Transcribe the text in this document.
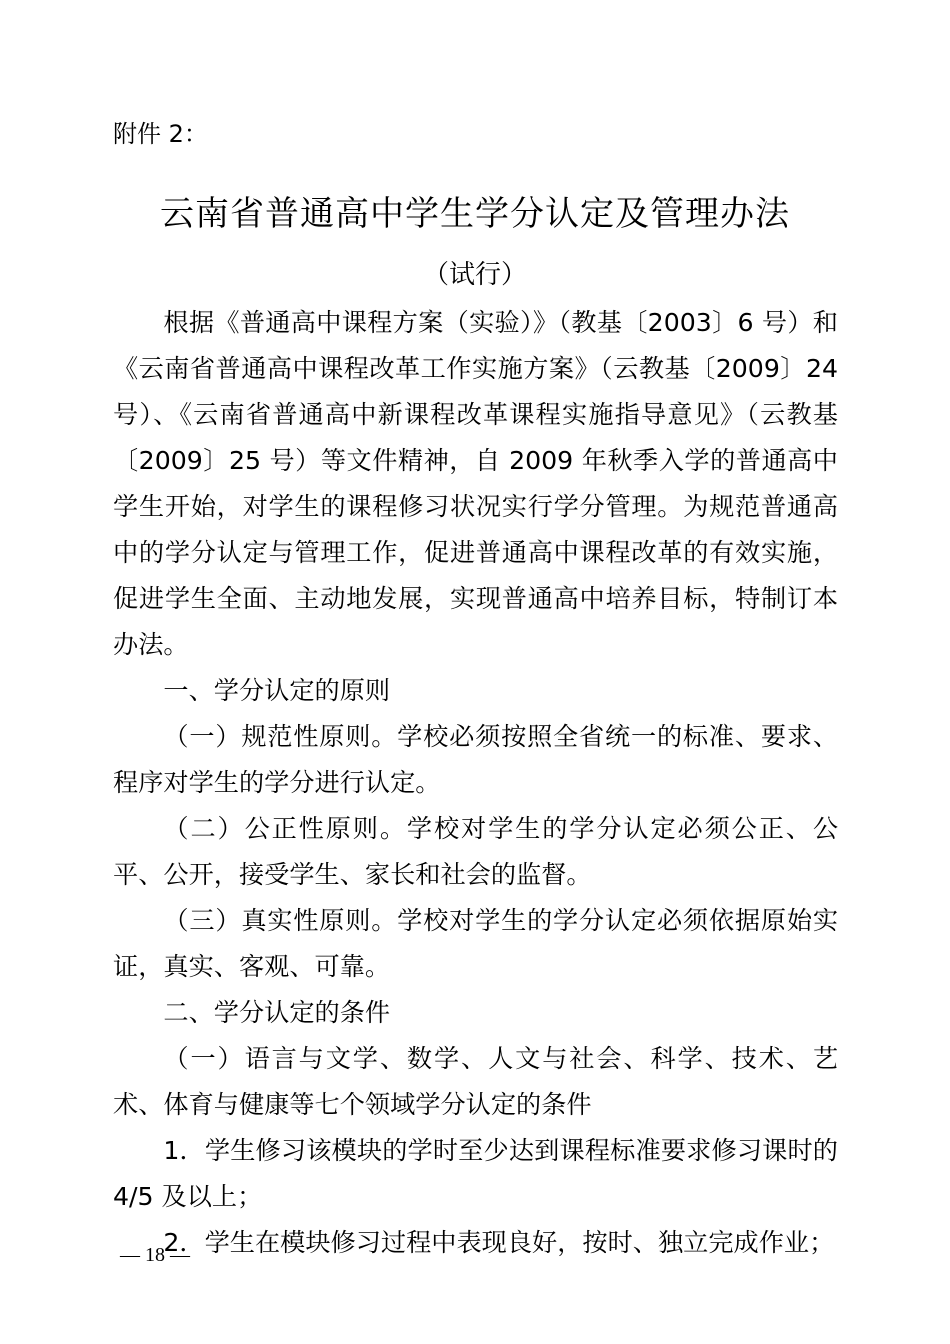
附件 2：
云南省普通高中学生学分认定及管理办法
（试行）

根据《普通高中课程方案（实验）》（教基〔2003〕6 号）和《云南省普通高中课程改革工作实施方案》（云教基〔2009〕24 号）、《云南省普通高中新课程改革课程实施指导意见》（云教基〔2009〕25 号）等文件精神，自 2009 年秋季入学的普通高中学生开始，对学生的课程修习状况实行学分管理。为规范普通高中的学分认定与管理工作，促进普通高中课程改革的有效实施，促进学生全面、主动地发展，实现普通高中培养目标，特制订本办法。

一、学分认定的原则

（一）规范性原则。学校必须按照全省统一的标准、要求、程序对学生的学分进行认定。

（二）公正性原则。学校对学生的学分认定必须公正、公平、公开，接受学生、家长和社会的监督。

（三）真实性原则。学校对学生的学分认定必须依据原始实证，真实、客观、可靠。

二、学分认定的条件

（一）语言与文学、数学、人文与社会、科学、技术、艺术、体育与健康等七个领域学分认定的条件

1．学生修习该模块的学时至少达到课程标准要求修习课时的 4/5 及以上；

2．学生在模块修习过程中表现良好，按时、独立完成作业；

— 18 —
